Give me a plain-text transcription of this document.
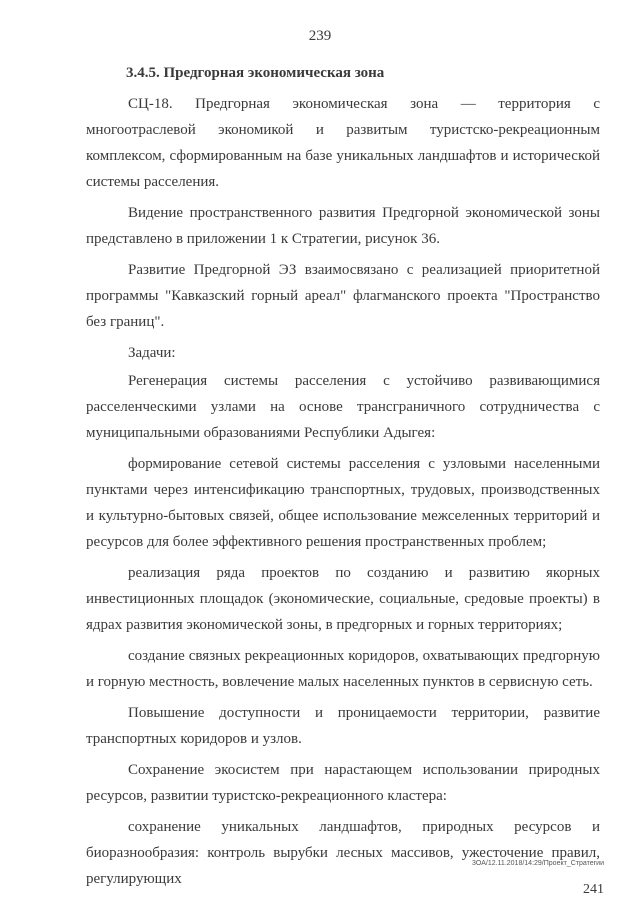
239
3.4.5. Предгорная экономическая зона

СЦ-18. Предгорная экономическая зона — территория с многоотраслевой экономикой и развитым туристско-рекреационным комплексом, сформированным на базе уникальных ландшафтов и исторической системы расселения.

Видение пространственного развития Предгорной экономической зоны представлено в приложении 1 к Стратегии, рисунок 36.

Развитие Предгорной ЭЗ взаимосвязано с реализацией приоритетной программы "Кавказский горный ареал" флагманского проекта "Пространство без границ".

Задачи:

Регенерация системы расселения с устойчиво развивающимися расселенческими узлами на основе трансграничного сотрудничества с муниципальными образованиями Республики Адыгея:

формирование сетевой системы расселения с узловыми населенными пунктами через интенсификацию транспортных, трудовых, производственных и культурно-бытовых связей, общее использование межселенных территорий и ресурсов для более эффективного решения пространственных проблем;

реализация ряда проектов по созданию и развитию якорных инвестиционных площадок (экономические, социальные, средовые проекты) в ядрах развития экономической зоны, в предгорных и горных территориях;

создание связных рекреационных коридоров, охватывающих предгорную и горную местность, вовлечение малых населенных пунктов в сервисную сеть.

Повышение доступности и проницаемости территории, развитие транспортных коридоров и узлов.

Сохранение экосистем при нарастающем использовании природных ресурсов, развитии туристско-рекреационного кластера:

сохранение уникальных ландшафтов, природных ресурсов и биоразнообразия: контроль вырубки лесных массивов, ужесточение правил, регулирующих

3ОА/12.11.2018/14:29/Проект_Стратегии
241
